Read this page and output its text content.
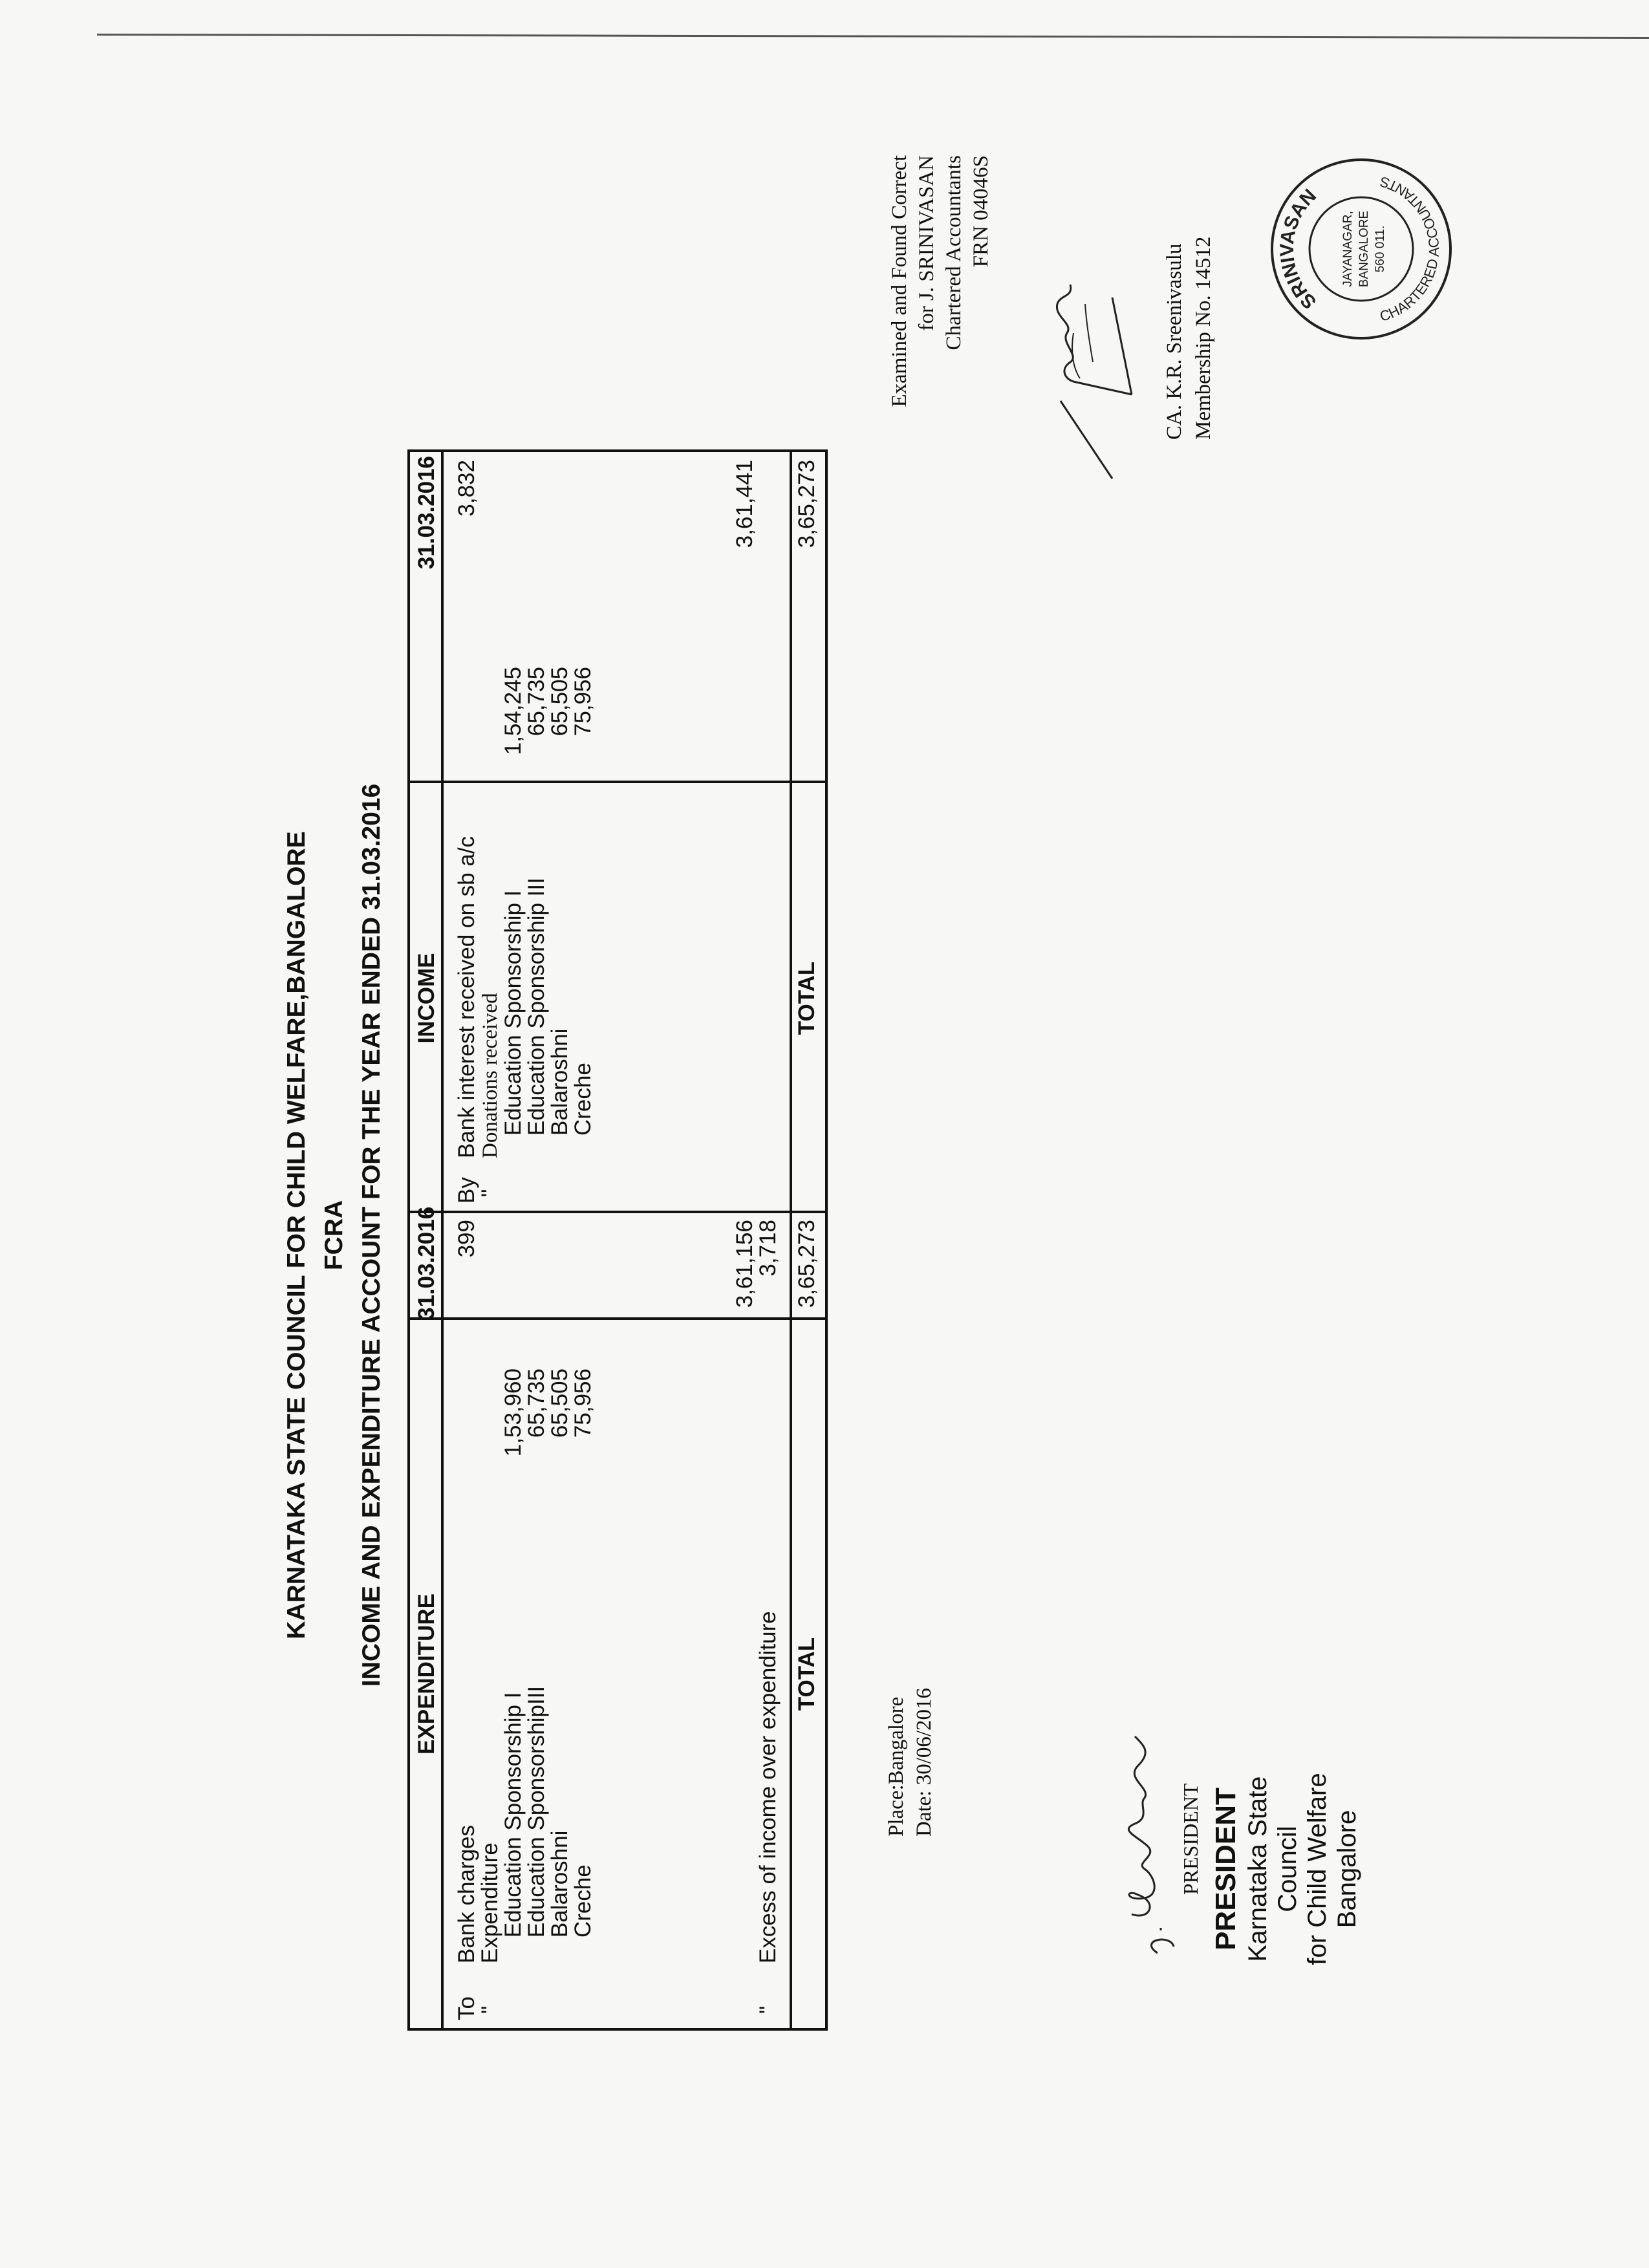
KARNATAKA STATE COUNCIL FOR CHILD WELFARE,BANGALORE FCRA INCOME AND EXPENDITURE ACCOUNT FOR THE YEAR ENDED 31.03.2016 EXPENDITURE
31.03.2016
INCOME
31.03.2016
To
"
Bank charges
399
Expenditure
Education Sponsorship I
1,53,960
Education SponsorshipIII
65,735
Balaroshni
65,505
Creche
75,956
3,61,156
"
Excess of income over expenditure
3,718
By
"
Bank interest received on sb a/c
3,832
Donations received
Education Sponsorship I
1,54,245
Education Sponsorship III
65,735
Balaroshni
65,505
Creche
75,956
3,61,441
TOTAL
3,65,273
TOTAL
3,65,273
Place:Bangalore Date: 30/06/2016
PRESIDENT PRESIDENT Karnataka State Council for Child Welfare Bangalore
Examined and Found Correct for J. SRINIVASAN Chartered Accountants FRN 04046S
CA. K.R. Sreenivasulu Membership No. 14512	SRINIVASAN
CHARTERED ACCOUNTANTS
JAYANAGAR, BANGALORE 560 011.
